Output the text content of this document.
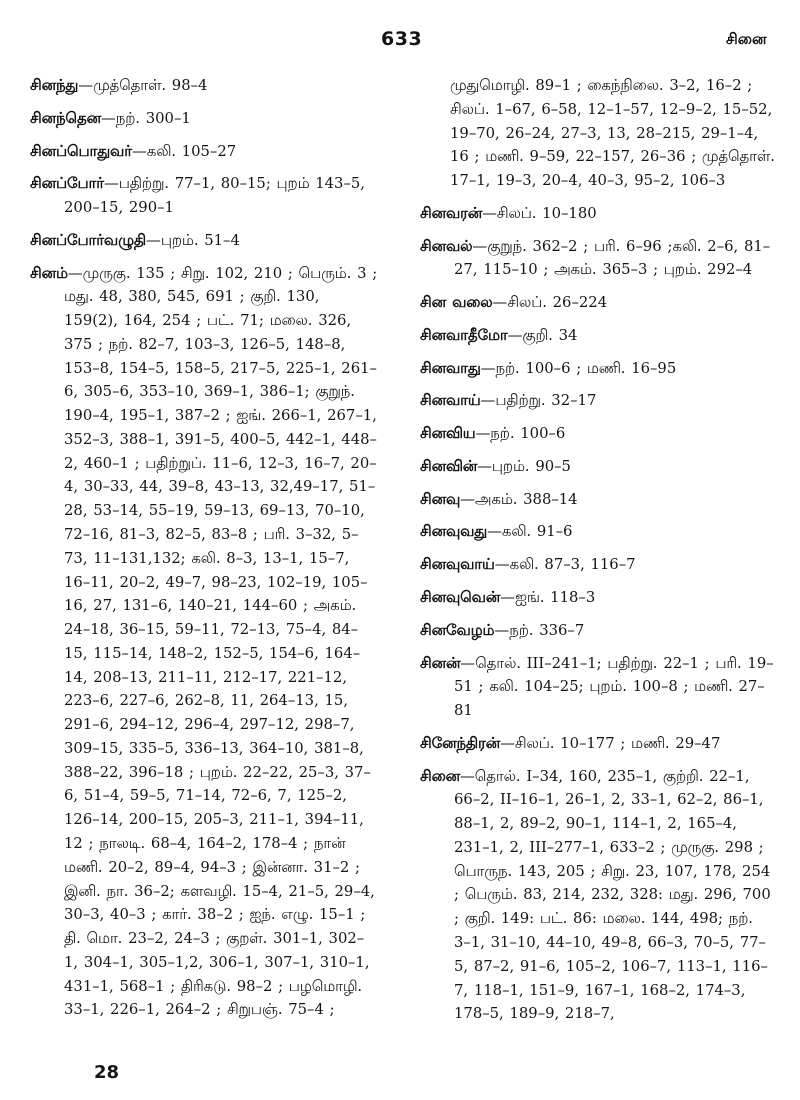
633	சினை

சினந்து—முத்தொள். 98–4

சினந்தென—நற். 300–1

சினப்பொதுவர்—கலி. 105–27

சினப்போர்—பதிற்று. 77–1, 80–15; புறம் 143–5, 200–15, 290–1

சினப்போர்வழுதி—புறம். 51–4

சினம்—முருகு. 135 ; சிறு. 102, 210 ; பெரும். 3 ; மது. 48, 380, 545, 691 ; குறி. 130, 159(2), 164, 254 ; பட். 71; மலை. 326, 375 ; நற். 82–7, 103–3, 126–5, 148–8, 153–8, 154–5, 158–5, 217–5, 225–1, 261–6, 305–6, 353–10, 369–1, 386–1; குறுந். 190–4, 195–1, 387–2 ; ஐங். 266–1, 267–1, 352–3, 388–1, 391–5, 400–5, 442–1, 448–2, 460–1 ; பதிற்றுப். 11–6, 12–3, 16–7, 20–4, 30–33, 44, 39–8, 43–13, 32,49–17, 51–28, 53–14, 55–19, 59–13, 69–13, 70–10, 72–16, 81–3, 82–5, 83–8 ; பரி. 3–32, 5–73, 11–131,132; கலி. 8–3, 13–1, 15–7, 16–11, 20–2, 49–7, 98–23, 102–19, 105–16, 27, 131–6, 140–21, 144–60 ; அகம். 24–18, 36–15, 59–11, 72–13, 75–4, 84–15, 115–14, 148–2, 152–5, 154–6, 164–14, 208–13, 211–11, 212–17, 221–12, 223–6, 227–6, 262–8, 11, 264–13, 15, 291–6, 294–12, 296–4, 297–12, 298–7, 309–15, 335–5, 336–13, 364–10, 381–8, 388–22, 396–18 ; புறம். 22–22, 25–3, 37–6, 51–4, 59–5, 71–14, 72–6, 7, 125–2, 126–14, 200–15, 205–3, 211–1, 394–11, 12 ; நாலடி. 68–4, 164–2, 178–4 ; நான் மணி. 20–2, 89–4, 94–3 ; இன்னா. 31–2 ; இனி. நா. 36–2; களவழி. 15–4, 21–5, 29–4, 30–3, 40–3 ; கார். 38–2 ; ஐந். எழு. 15–1 ; தி. மொ. 23–2, 24–3 ; குறள். 301–1, 302–1, 304–1, 305–1,2, 306–1, 307–1, 310–1, 431–1, 568–1 ; திரிகடு. 98–2 ; பழமொழி. 33–1, 226–1, 264–2 ; சிறுபஞ். 75–4 ;

முதுமொழி. 89–1 ; கைந்நிலை. 3–2, 16–2 ; சிலப். 1–67, 6–58, 12–1–57, 12–9–2, 15–52, 19–70, 26–24, 27–3, 13, 28–215, 29–1–4, 16 ; மணி. 9–59, 22–157, 26–36 ; முத்தொள். 17–1, 19–3, 20–4, 40–3, 95–2, 106–3

சினவரன்—சிலப். 10–180

சினவல்—குறுந். 362–2 ; பரி. 6–96 ;கலி. 2–6, 81–27, 115–10 ; அகம். 365–3 ; புறம். 292–4

சின வலை—சிலப். 26–224

சினவாதீமோ—குறி. 34

சினவாது—நற். 100–6 ; மணி. 16–95

சினவாய்—பதிற்று. 32–17

சினவிய—நற். 100–6

சினவின்—புறம். 90–5

சினவு—அகம். 388–14

சினவுவது—கலி. 91–6

சினவுவாய்—கலி. 87–3, 116–7

சினவுவென்—ஐங். 118–3

சினவேழம்—நற். 336–7

சினன்—தொல். III–241–1; பதிற்று. 22–1 ; பரி. 19–51 ; கலி. 104–25; புறம். 100–8 ; மணி. 27–81

சினேந்திரன்—சிலப். 10–177 ; மணி. 29–47

சினை—தொல். I–34, 160, 235–1, குற்றி. 22–1, 66–2, II–16–1, 26–1, 2, 33–1, 62–2, 86–1, 88–1, 2, 89–2, 90–1, 114–1, 2, 165–4, 231–1, 2, III–277–1, 633–2 ; முருகு. 298 ; பொருந. 143, 205 ; சிறு. 23, 107, 178, 254 ; பெரும். 83, 214, 232, 328: மது. 296, 700 ; குறி. 149: பட். 86: மலை. 144, 498; நற். 3–1, 31–10, 44–10, 49–8, 66–3, 70–5, 77–5, 87–2, 91–6, 105–2, 106–7, 113–1, 116–7, 118–1, 151–9, 167–1, 168–2, 174–3, 178–5, 189–9, 218–7,

28
